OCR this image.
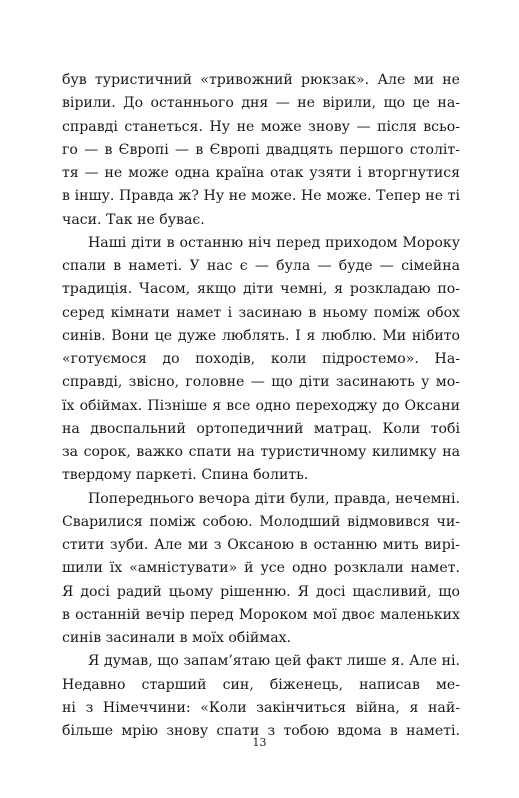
був туристичний «тривожний рюкзак». Але ми не
вірили. До останнього дня — не вірили, що це на-
справді станеться. Ну не може знову — після всьо-
го — в Європі — в Європі двадцять першого століт-
тя — не може одна країна отак узяти і вторгнутися
в іншу. Правда ж? Ну не може. Не може. Тепер не ті
часи. Так не буває.

Наші діти в останню ніч перед приходом Мороку
спали в наметі. У нас є — була — буде — сімейна
традиція. Часом, якщо діти чемні, я розкладаю по-
серед кімнати намет і засинаю в ньому поміж обох
синів. Вони це дуже люблять. І я люблю. Ми нібито
«готуємося до походів, коли підростемо». На-
справді, звісно, головне — що діти засинають у мо-
їх обіймах. Пізніше я все одно переходжу до Оксани
на двоспальний ортопедичний матрац. Коли тобі
за сорок, важко спати на туристичному килимку на
твердому паркеті. Спина болить.

Попереднього вечора діти були, правда, нечемні.
Сварилися поміж собою. Молодший відмовився чи-
стити зуби. Але ми з Оксаною в останню мить вирі-
шили їх «амністувати» й усе одно розклали намет.
Я досі радий цьому рішенню. Я досі щасливий, що
в останній вечір перед Мороком мої двоє маленьких
синів засинали в моїх обіймах.

Я думав, що запам’ятаю цей факт лише я. Але ні.
Недавно старший син, біженець, написав ме-
ні з Німеччини: «Коли закінчиться війна, я най-
більше мрію знову спати з тобою вдома в наметі.

13
